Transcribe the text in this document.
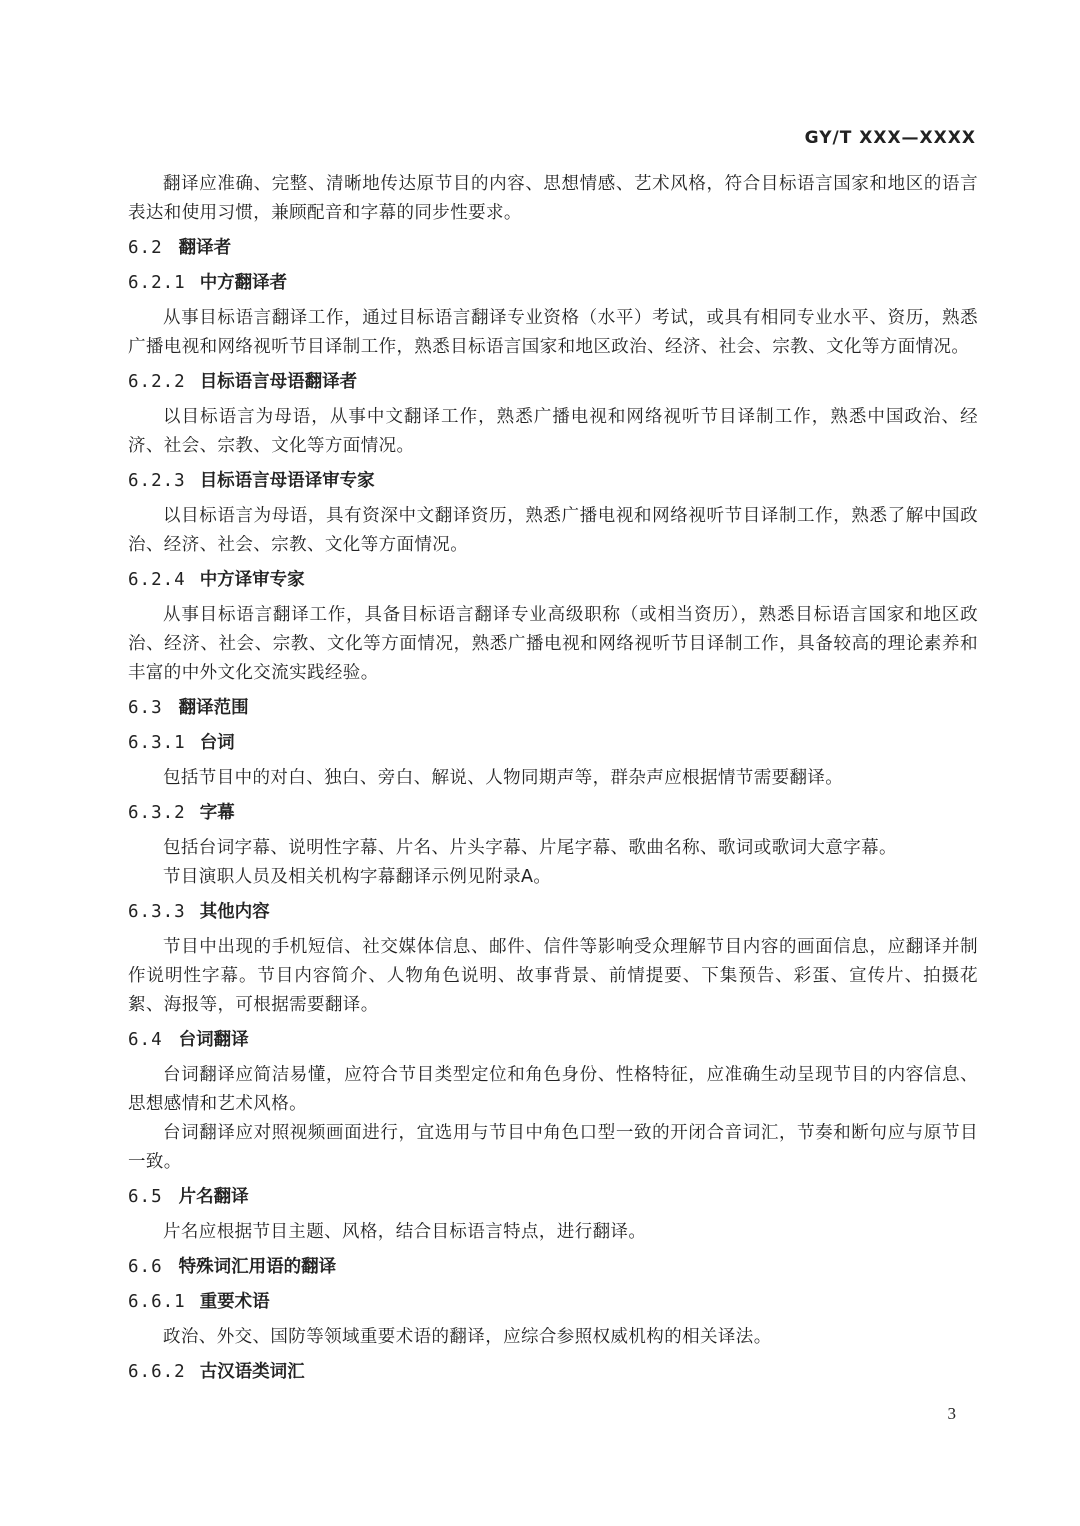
GY/T XXX—XXXX

翻译应准确、完整、清晰地传达原节目的内容、思想情感、艺术风格，符合目标语言国家和地区的语言表达和使用习惯，兼顾配音和字幕的同步性要求。

6.2 翻译者
6.2.1 中方翻译者

从事目标语言翻译工作，通过目标语言翻译专业资格（水平）考试，或具有相同专业水平、资历，熟悉广播电视和网络视听节目译制工作，熟悉目标语言国家和地区政治、经济、社会、宗教、文化等方面情况。

6.2.2 目标语言母语翻译者

以目标语言为母语，从事中文翻译工作，熟悉广播电视和网络视听节目译制工作，熟悉中国政治、经济、社会、宗教、文化等方面情况。

6.2.3 目标语言母语译审专家

以目标语言为母语，具有资深中文翻译资历，熟悉广播电视和网络视听节目译制工作，熟悉了解中国政治、经济、社会、宗教、文化等方面情况。

6.2.4 中方译审专家

从事目标语言翻译工作，具备目标语言翻译专业高级职称（或相当资历），熟悉目标语言国家和地区政治、经济、社会、宗教、文化等方面情况，熟悉广播电视和网络视听节目译制工作，具备较高的理论素养和丰富的中外文化交流实践经验。

6.3 翻译范围
6.3.1 台词

包括节目中的对白、独白、旁白、解说、人物同期声等，群杂声应根据情节需要翻译。

6.3.2 字幕

包括台词字幕、说明性字幕、片名、片头字幕、片尾字幕、歌曲名称、歌词或歌词大意字幕。

节目演职人员及相关机构字幕翻译示例见附录A。

6.3.3 其他内容

节目中出现的手机短信、社交媒体信息、邮件、信件等影响受众理解节目内容的画面信息，应翻译并制作说明性字幕。节目内容简介、人物角色说明、故事背景、前情提要、下集预告、彩蛋、宣传片、拍摄花絮、海报等，可根据需要翻译。

6.4 台词翻译

台词翻译应简洁易懂，应符合节目类型定位和角色身份、性格特征，应准确生动呈现节目的内容信息、思想感情和艺术风格。

台词翻译应对照视频画面进行，宜选用与节目中角色口型一致的开闭合音词汇，节奏和断句应与原节目一致。

6.5 片名翻译

片名应根据节目主题、风格，结合目标语言特点，进行翻译。

6.6 特殊词汇用语的翻译
6.6.1 重要术语

政治、外交、国防等领域重要术语的翻译，应综合参照权威机构的相关译法。

6.6.2 古汉语类词汇
3
